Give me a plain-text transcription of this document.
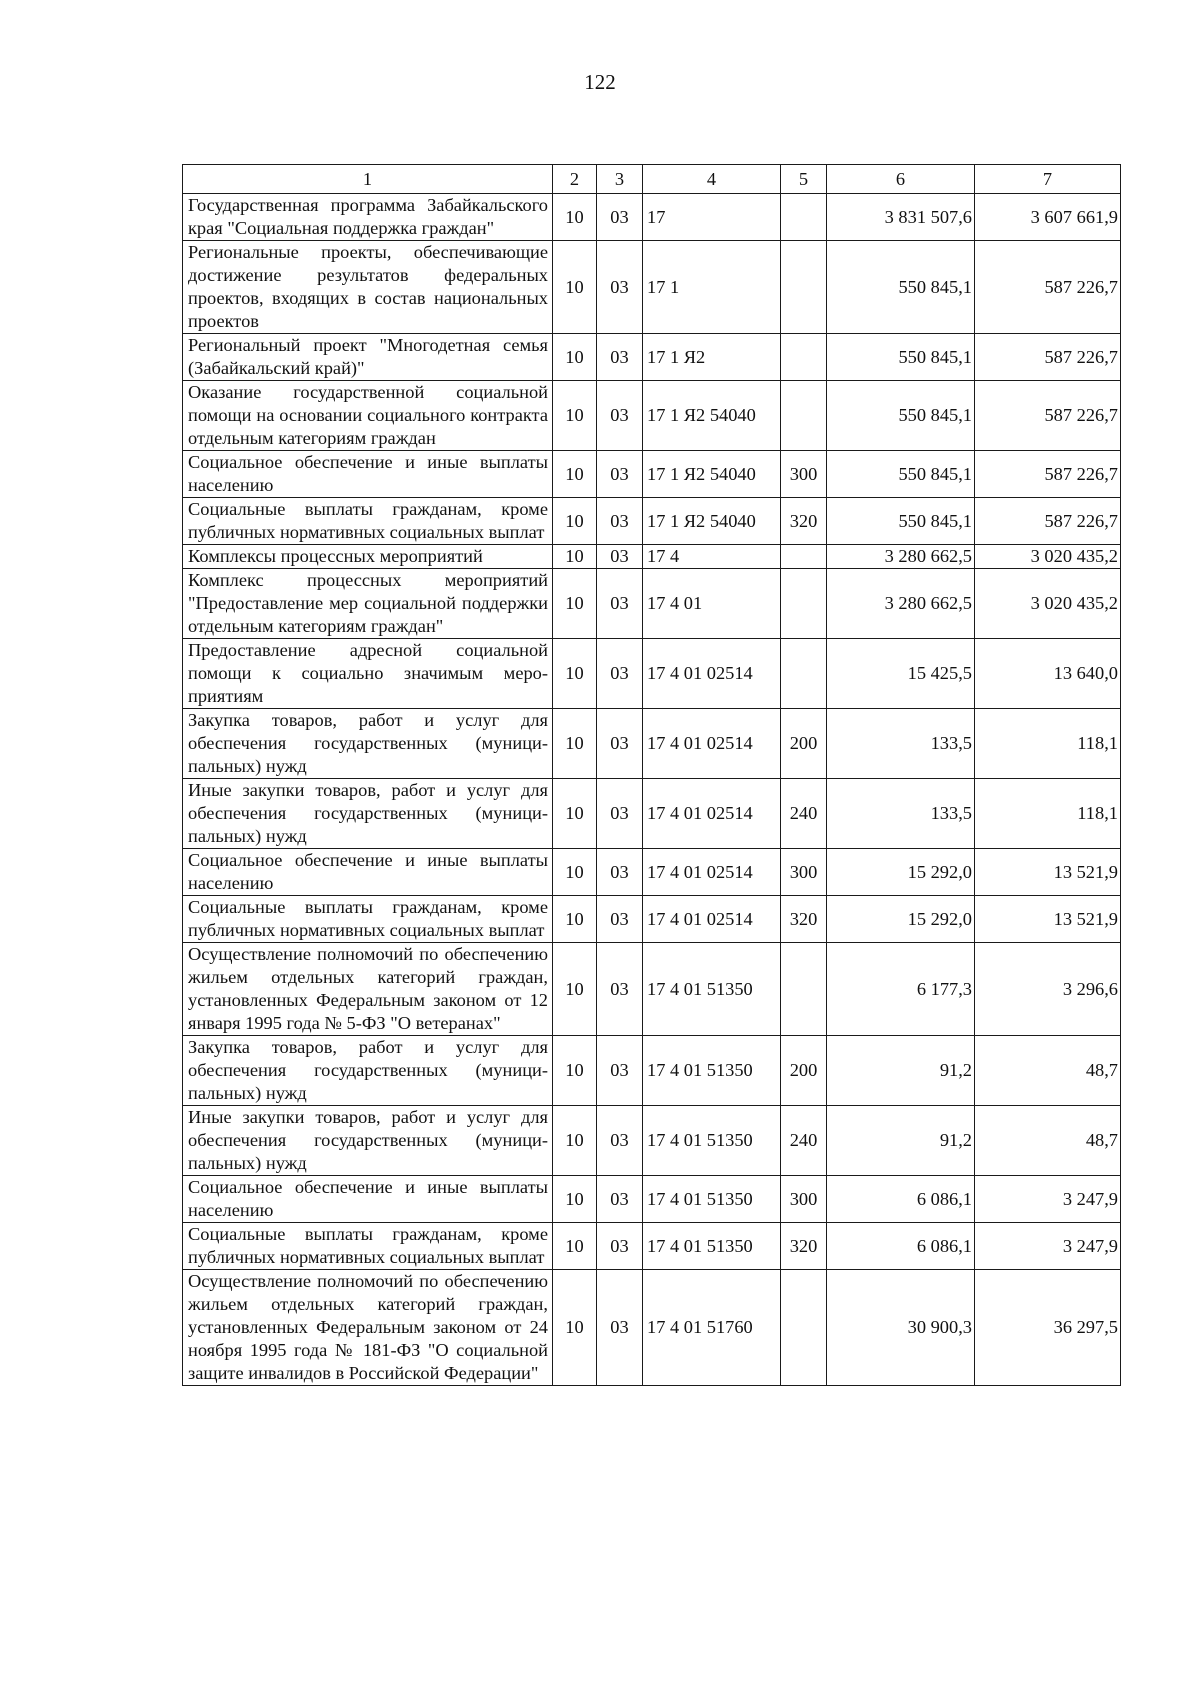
122
1	2	3	4	5	6	7
Государственная программа Забайкальского края "Социальная поддержка граждан"	10	03	17		3 831 507,6	3 607 661,9
Региональные проекты, обеспечивающие достижение результатов федеральных проектов, входящих в состав национальных проектов	10	03	17 1		550 845,1	587 226,7
Региональный проект "Многодетная семья (Забайкальский край)"	10	03	17 1 Я2		550 845,1	587 226,7
Оказание государственной социальной помощи на основании социального контракта отдельным категориям граждан	10	03	17 1 Я2 54040		550 845,1	587 226,7
Социальное обеспечение и иные выплаты населению	10	03	17 1 Я2 54040	300	550 845,1	587 226,7
Социальные выплаты гражданам, кроме публичных нормативных социальных выплат	10	03	17 1 Я2 54040	320	550 845,1	587 226,7
Комплексы процессных мероприятий	10	03	17 4		3 280 662,5	3 020 435,2
Комплекс процессных мероприятий "Предоставление мер социальной поддержки отдельным категориям граждан"	10	03	17 4 01		3 280 662,5	3 020 435,2
Предоставление адресной социальной помощи к социально значимым мероприятиям	10	03	17 4 01 02514		15 425,5	13 640,0
Закупка товаров, работ и услуг для обеспечения государственных (муниципальных) нужд	10	03	17 4 01 02514	200	133,5	118,1
Иные закупки товаров, работ и услуг для обеспечения государственных (муниципальных) нужд	10	03	17 4 01 02514	240	133,5	118,1
Социальное обеспечение и иные выплаты населению	10	03	17 4 01 02514	300	15 292,0	13 521,9
Социальные выплаты гражданам, кроме публичных нормативных социальных выплат	10	03	17 4 01 02514	320	15 292,0	13 521,9
Осуществление полномочий по обеспечению жильем отдельных категорий граждан, установленных Федеральным законом от 12 января 1995 года № 5-ФЗ "О ветеранах"	10	03	17 4 01 51350		6 177,3	3 296,6
Закупка товаров, работ и услуг для обеспечения государственных (муниципальных) нужд	10	03	17 4 01 51350	200	91,2	48,7
Иные закупки товаров, работ и услуг для обеспечения государственных (муниципальных) нужд	10	03	17 4 01 51350	240	91,2	48,7
Социальное обеспечение и иные выплаты населению	10	03	17 4 01 51350	300	6 086,1	3 247,9
Социальные выплаты гражданам, кроме публичных нормативных социальных выплат	10	03	17 4 01 51350	320	6 086,1	3 247,9
Осуществление полномочий по обеспечению жильем отдельных категорий граждан, установленных Федеральным законом от 24 ноября 1995 года № 181-ФЗ "О социальной защите инвалидов в Российской Федерации"	10	03	17 4 01 51760		30 900,3	36 297,5
